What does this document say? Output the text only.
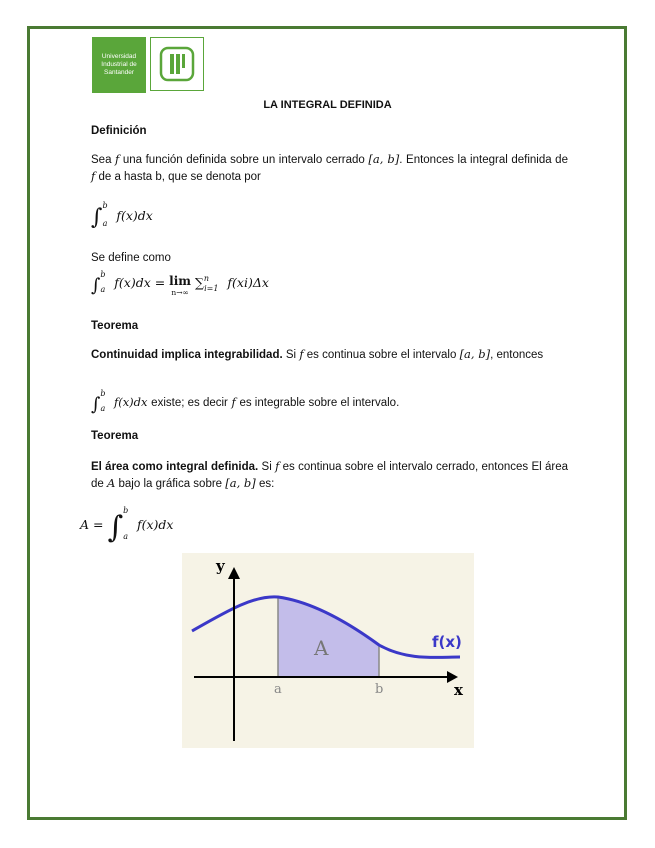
Universidad
Industrial de
Santander
LA INTEGRAL DEFINIDA
Definición
Sea f una función definida sobre un intervalo cerrado [a, b]. Entonces la integral definida de f de a hasta b, que se denota por
∫$^b_a$ f(x)dx
Se define como
∫$^b_a$ f(x)dx = lim
n→∞
∑$^n_{i=1}$ f(xi)Δx
Teorema
Continuidad implica integrabilidad. Si f es continua sobre el intervalo [a, b], entonces
∫$^b_a$ f(x)dx existe; es decir f es integrable sobre el intervalo.
Teorema
El área como integral definida. Si f es continua sobre el intervalo cerrado, entonces El área de A bajo la gráfica sobre [a, b] es:
A = ∫$^b_a$ f(x)dx
y
x
f(x)
A
a	b
